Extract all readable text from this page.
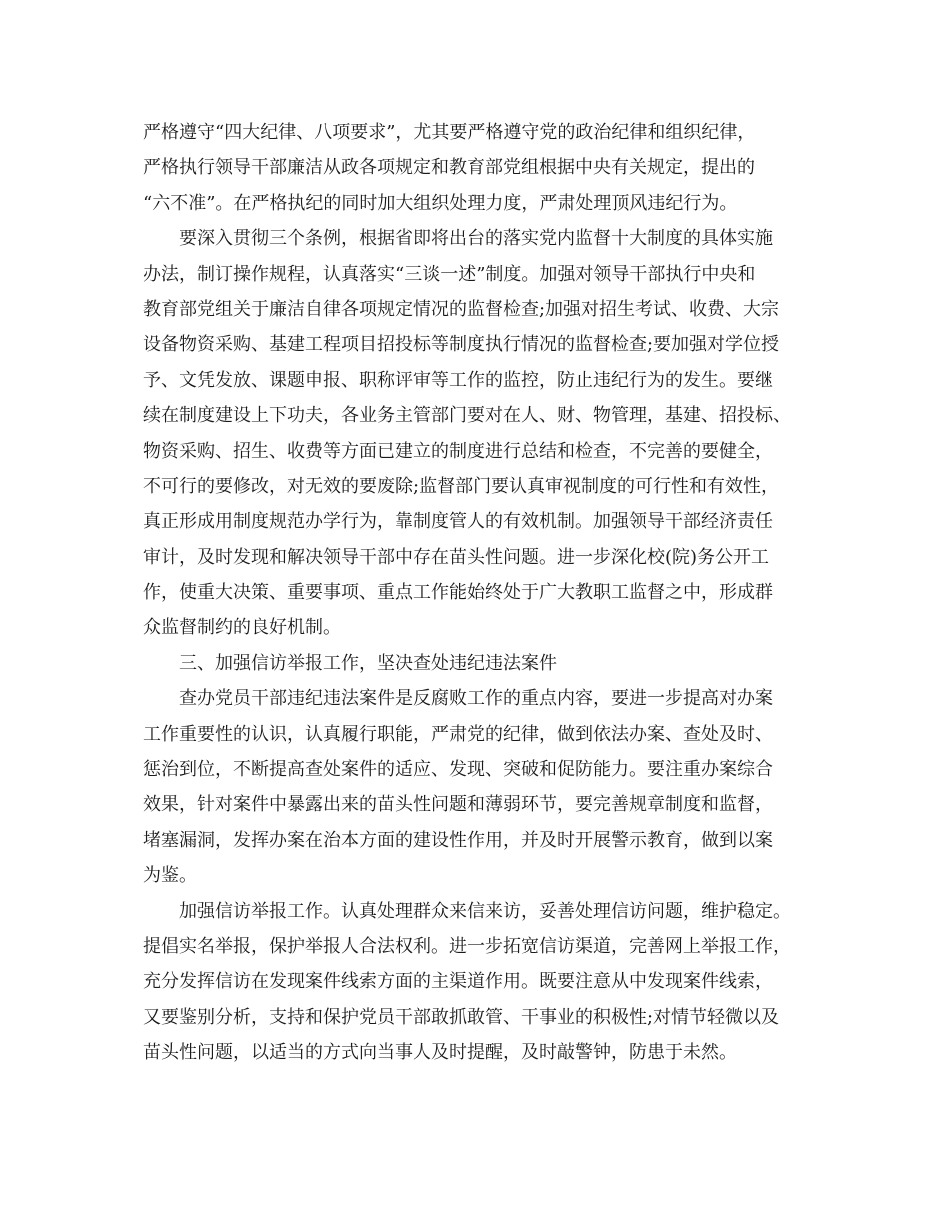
严格遵守“四大纪律、八项要求”，尤其要严格遵守党的政治纪律和组织纪律，
严格执行领导干部廉洁从政各项规定和教育部党组根据中央有关规定，提出的
“六不准”。在严格执纪的同时加大组织处理力度，严肃处理顶风违纪行为。
要深入贯彻三个条例，根据省即将出台的落实党内监督十大制度的具体实施
办法，制订操作规程，认真落实“三谈一述”制度。加强对领导干部执行中央和
教育部党组关于廉洁自律各项规定情况的监督检查;加强对招生考试、收费、大宗
设备物资采购、基建工程项目招投标等制度执行情况的监督检查;要加强对学位授
予、文凭发放、课题申报、职称评审等工作的监控，防止违纪行为的发生。要继
续在制度建设上下功夫，各业务主管部门要对在人、财、物管理，基建、招投标、
物资采购、招生、收费等方面已建立的制度进行总结和检查，不完善的要健全，
不可行的要修改，对无效的要废除;监督部门要认真审视制度的可行性和有效性，
真正形成用制度规范办学行为，靠制度管人的有效机制。加强领导干部经济责任
审计，及时发现和解决领导干部中存在苗头性问题。进一步深化校(院)务公开工
作，使重大决策、重要事项、重点工作能始终处于广大教职工监督之中，形成群
众监督制约的良好机制。
三、加强信访举报工作，坚决查处违纪违法案件
查办党员干部违纪违法案件是反腐败工作的重点内容，要进一步提高对办案
工作重要性的认识，认真履行职能，严肃党的纪律，做到依法办案、查处及时、
惩治到位，不断提高查处案件的适应、发现、突破和促防能力。要注重办案综合
效果，针对案件中暴露出来的苗头性问题和薄弱环节，要完善规章制度和监督，
堵塞漏洞，发挥办案在治本方面的建设性作用，并及时开展警示教育，做到以案
为鉴。
加强信访举报工作。认真处理群众来信来访，妥善处理信访问题，维护稳定。
提倡实名举报，保护举报人合法权利。进一步拓宽信访渠道，完善网上举报工作，
充分发挥信访在发现案件线索方面的主渠道作用。既要注意从中发现案件线索，
又要鉴别分析，支持和保护党员干部敢抓敢管、干事业的积极性;对情节轻微以及
苗头性问题，以适当的方式向当事人及时提醒，及时敲警钟，防患于未然。
